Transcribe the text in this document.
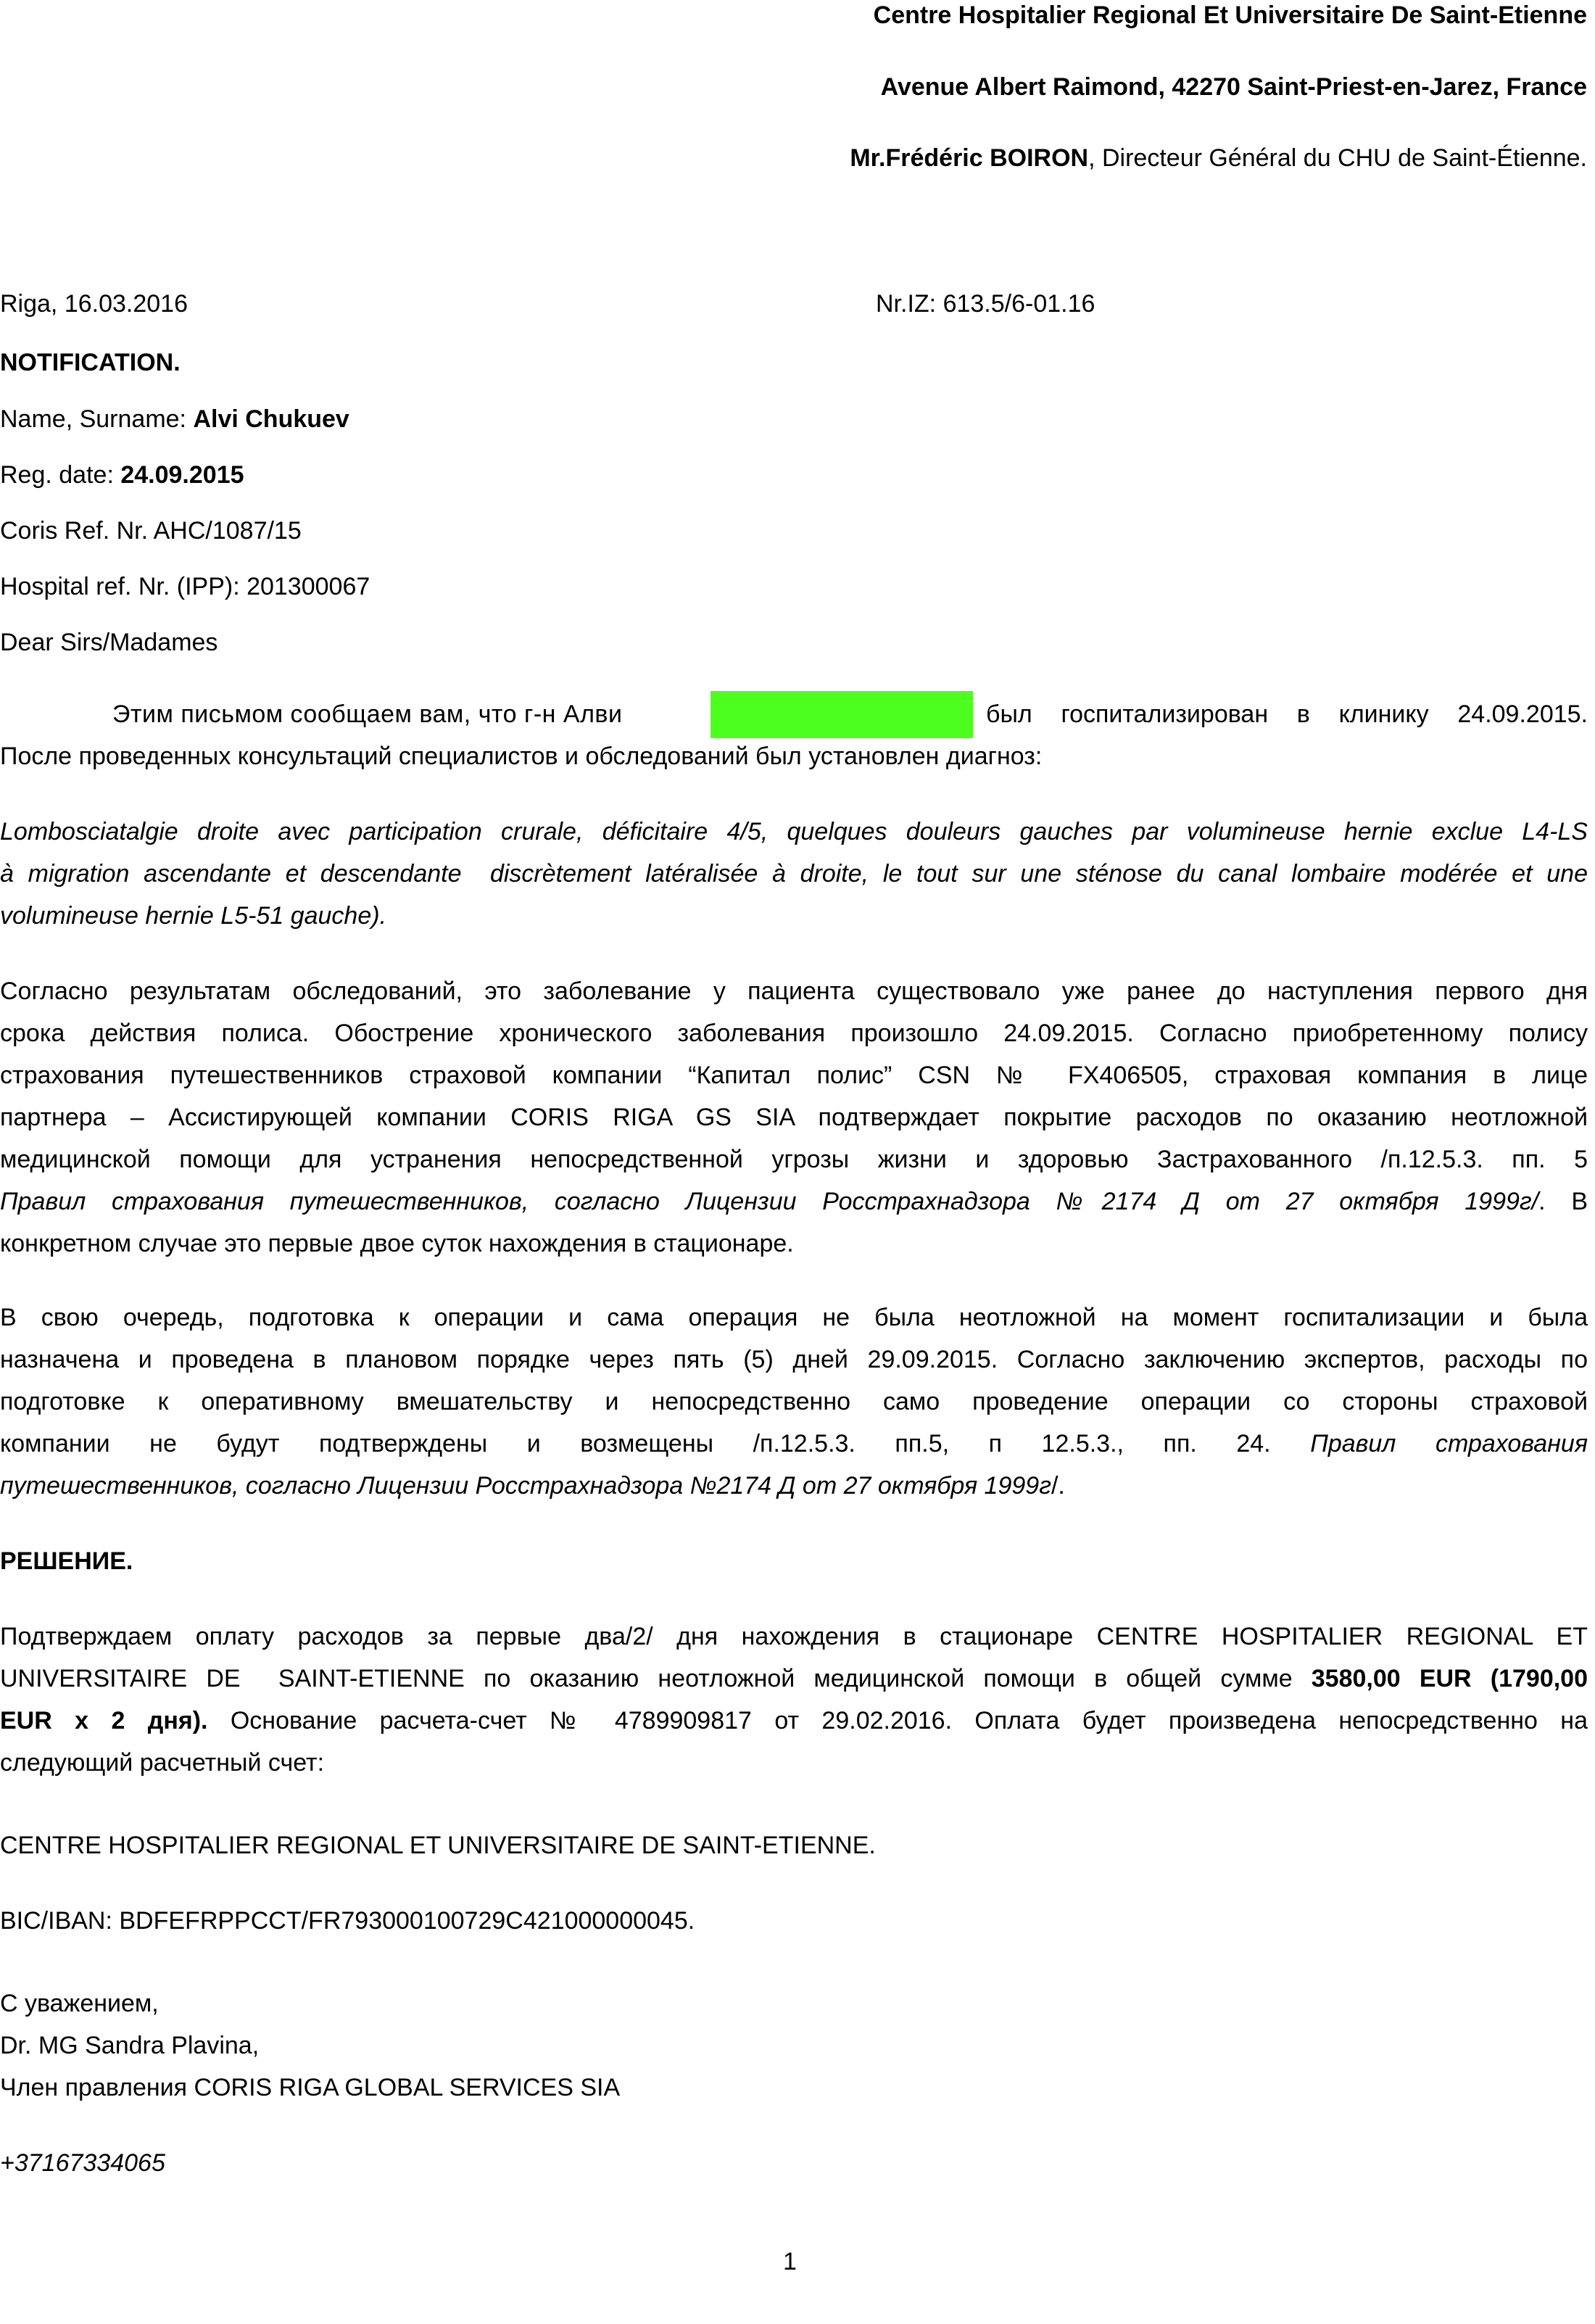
Centre Hospitalier Regional Et Universitaire De Saint-Etienne
Avenue Albert Raimond, 42270 Saint-Priest-en-Jarez, France
Mr.Frédéric BOIRON, Directeur Général du CHU de Saint-Étienne.
Riga, 16.03.2016	Nr.IZ: 613.5/6-01.16
NOTIFICATION.
Name, Surname: Alvi Chukuev
Reg. date: 24.09.2015
Coris Ref. Nr. AHC/1087/15
Hospital ref. Nr. (IPP): 201300067
Dear Sirs/Madames
Этим письмом сообщаем вам, что г-н Алви	был госпитализирован в клинику 24.09.2015.
После проведенных консультаций специалистов и обследований был установлен диагноз:
Lombosciatalgie droite avec participation crurale, déficitaire 4/5, quelques douleurs gauches par volumineuse hernie exclue L4-LS
à migration ascendante et descendante  discrètement latéralisée à droite, le tout sur une sténose du canal lombaire modérée et une
volumineuse hernie L5-51 gauche).
Согласно результатам обследований, это заболевание у пациента существовало уже ранее до наступления первого дня
срока действия полиса. Обострение хронического заболевания произошло 24.09.2015. Согласно приобретенному полису
страхования путешественников страховой компании “Капитал полис” CSN № FX406505, страховая компания в лице
партнера – Ассистирующей компании CORIS RIGA GS SIA подтверждает покрытие расходов по оказанию неотложной
медицинской помощи для устранения непосредственной угрозы жизни и здоровью Застрахованного /п.12.5.3. пп. 5
Правил страхования путешественников, согласно Лицензии Росстрахнадзора №2174 Д от 27 октября 1999г/. В
конкретном случае это первые двое суток нахождения в стационаре.
В свою очередь, подготовка к операции и сама операция не была неотложной на момент госпитализации и была
назначена и проведена в плановом порядке через пять (5) дней 29.09.2015. Согласно заключению экспертов, расходы по
подготовке к оперативному вмешательству и непосредственно само проведение операции со стороны страховой
компании не будут подтверждены и возмещены /п.12.5.3. пп.5, п 12.5.3., пп. 24. Правил страхования
путешественников, согласно Лицензии Росстрахнадзора №2174 Д от 27 октября 1999г/.
РЕШЕНИЕ.
Подтверждаем оплату расходов за первые два/2/ дня нахождения в стационаре CENTRE HOSPITALIER REGIONAL ET
UNIVERSITAIRE DE  SAINT-ETIENNE по оказанию неотложной медицинской помощи в общей сумме 3580,00 EUR (1790,00
EUR x 2 дня). Основание расчета-счет № 4789909817 от 29.02.2016. Оплата будет произведена непосредственно на
следующий расчетный счет:
CENTRE HOSPITALIER REGIONAL ET UNIVERSITAIRE DE SAINT-ETIENNE.
BIC/IBAN: BDFEFRPPCCT/FR793000100729C421000000045.
С уважением,
Dr. MG Sandra Plavina,
Член правления CORIS RIGA GLOBAL SERVICES SIA
+37167334065
1
